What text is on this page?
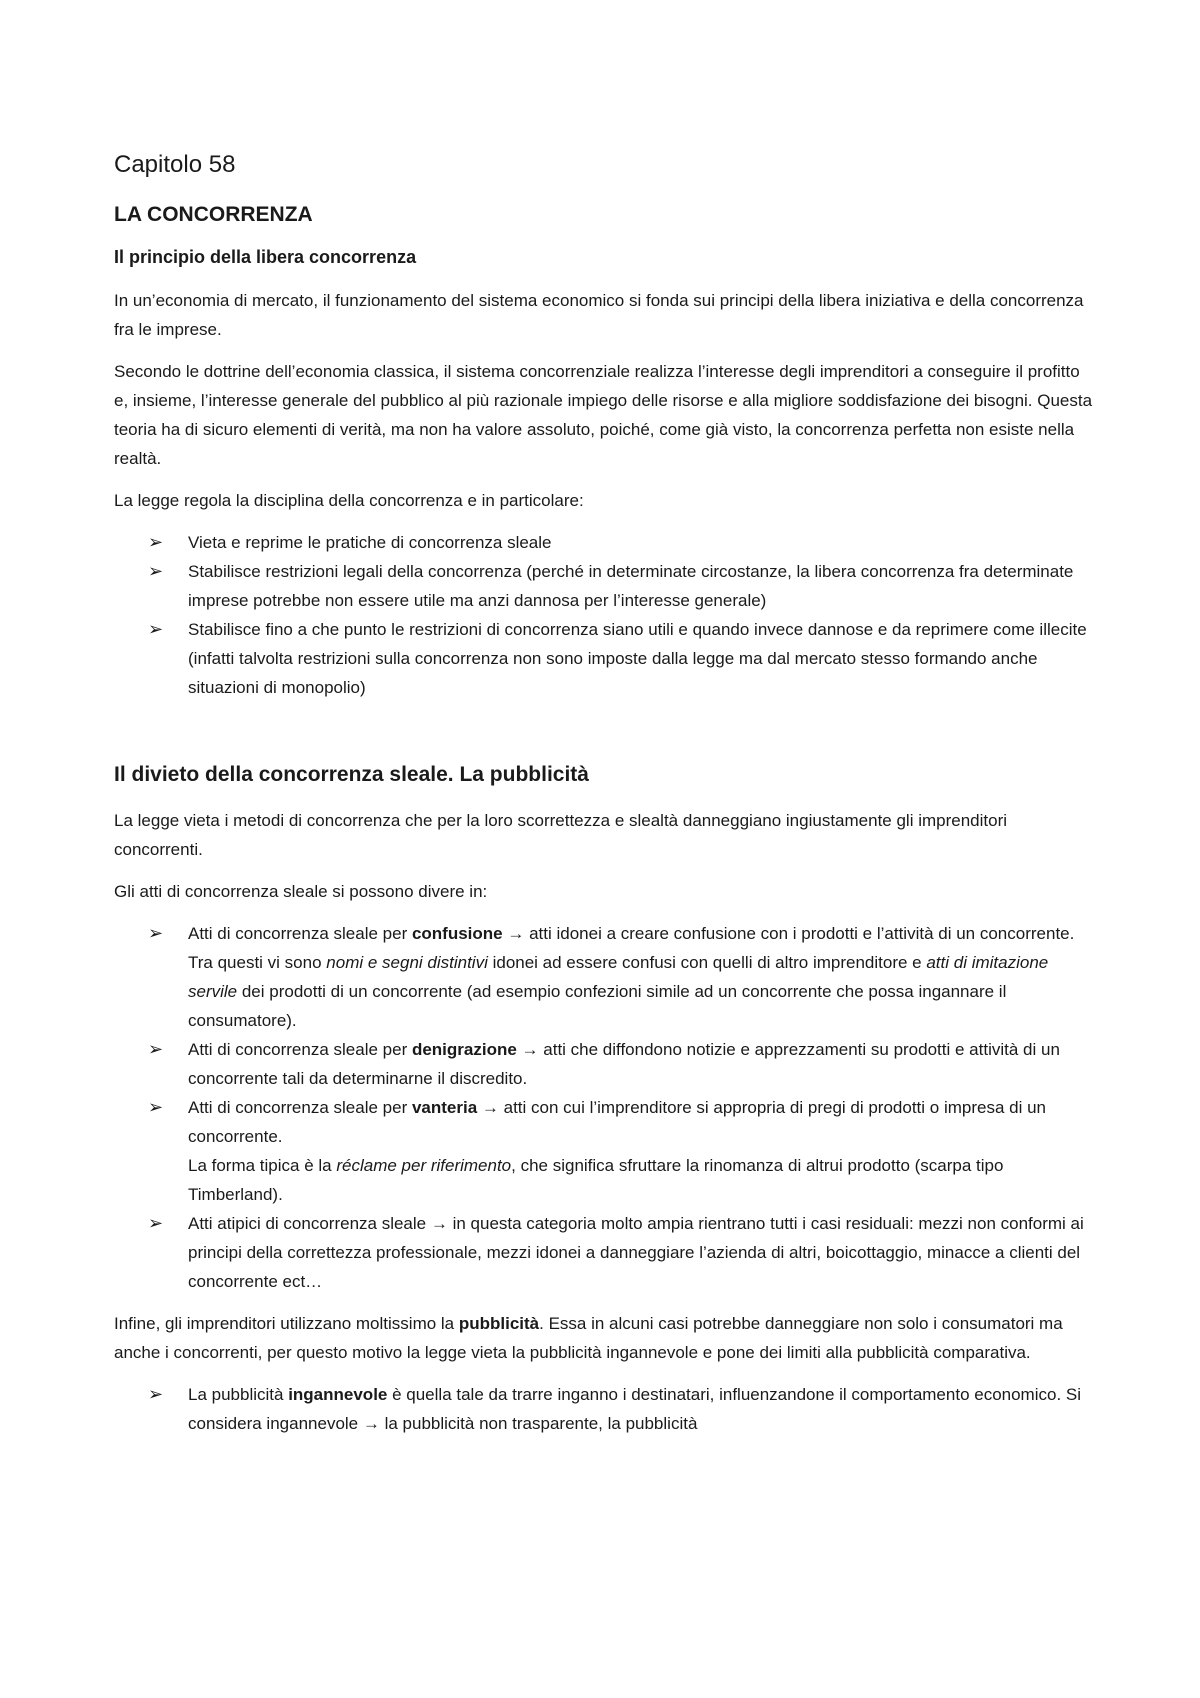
Capitolo 58
LA CONCORRENZA
Il principio della libera concorrenza

In un’economia di mercato, il funzionamento del sistema economico si fonda sui principi della libera iniziativa e della concorrenza fra le imprese.

Secondo le dottrine dell’economia classica, il sistema concorrenziale realizza l’interesse degli imprenditori a conseguire il profitto e, insieme, l’interesse generale del pubblico al più razionale impiego delle risorse e alla migliore soddisfazione dei bisogni. Questa teoria ha di sicuro elementi di verità, ma non ha valore assoluto, poiché, come già visto, la concorrenza perfetta non esiste nella realtà.

La legge regola la disciplina della concorrenza e in particolare:

➢ Vieta e reprime le pratiche di concorrenza sleale
➢ Stabilisce restrizioni legali della concorrenza (perché in determinate circostanze, la libera concorrenza fra determinate imprese potrebbe non essere utile ma anzi dannosa per l’interesse generale)
➢ Stabilisce fino a che punto le restrizioni di concorrenza siano utili e quando invece dannose e da reprimere come illecite (infatti talvolta restrizioni sulla concorrenza non sono imposte dalla legge ma dal mercato stesso formando anche situazioni di monopolio)
Il divieto della concorrenza sleale. La pubblicità

La legge vieta i metodi di concorrenza che per la loro scorrettezza e slealtà danneggiano ingiustamente gli imprenditori concorrenti.

Gli atti di concorrenza sleale si possono divere in:

➢ Atti di concorrenza sleale per confusione → atti idonei a creare confusione con i prodotti e l’attività di un concorrente.
Tra questi vi sono nomi e segni distintivi idonei ad essere confusi con quelli di altro imprenditore e atti di imitazione servile dei prodotti di un concorrente (ad esempio confezioni simile ad un concorrente che possa ingannare il consumatore).
➢ Atti di concorrenza sleale per denigrazione → atti che diffondono notizie e apprezzamenti su prodotti e attività di un concorrente tali da determinarne il discredito.
➢ Atti di concorrenza sleale per vanteria → atti con cui l’imprenditore si appropria di pregi di prodotti o impresa di un concorrente.
La forma tipica è la réclame per riferimento, che significa sfruttare la rinomanza di altrui prodotto (scarpa tipo Timberland).
➢ Atti atipici di concorrenza sleale → in questa categoria molto ampia rientrano tutti i casi residuali: mezzi non conformi ai principi della correttezza professionale, mezzi idonei a danneggiare l’azienda di altri, boicottaggio, minacce a clienti del concorrente ect…

Infine, gli imprenditori utilizzano moltissimo la pubblicità. Essa in alcuni casi potrebbe danneggiare non solo i consumatori ma anche i concorrenti, per questo motivo la legge vieta la pubblicità ingannevole e pone dei limiti alla pubblicità comparativa.

➢ La pubblicità ingannevole è quella tale da trarre inganno i destinatari, influenzandone il comportamento economico. Si considera ingannevole → la pubblicità non trasparente, la pubblicità
